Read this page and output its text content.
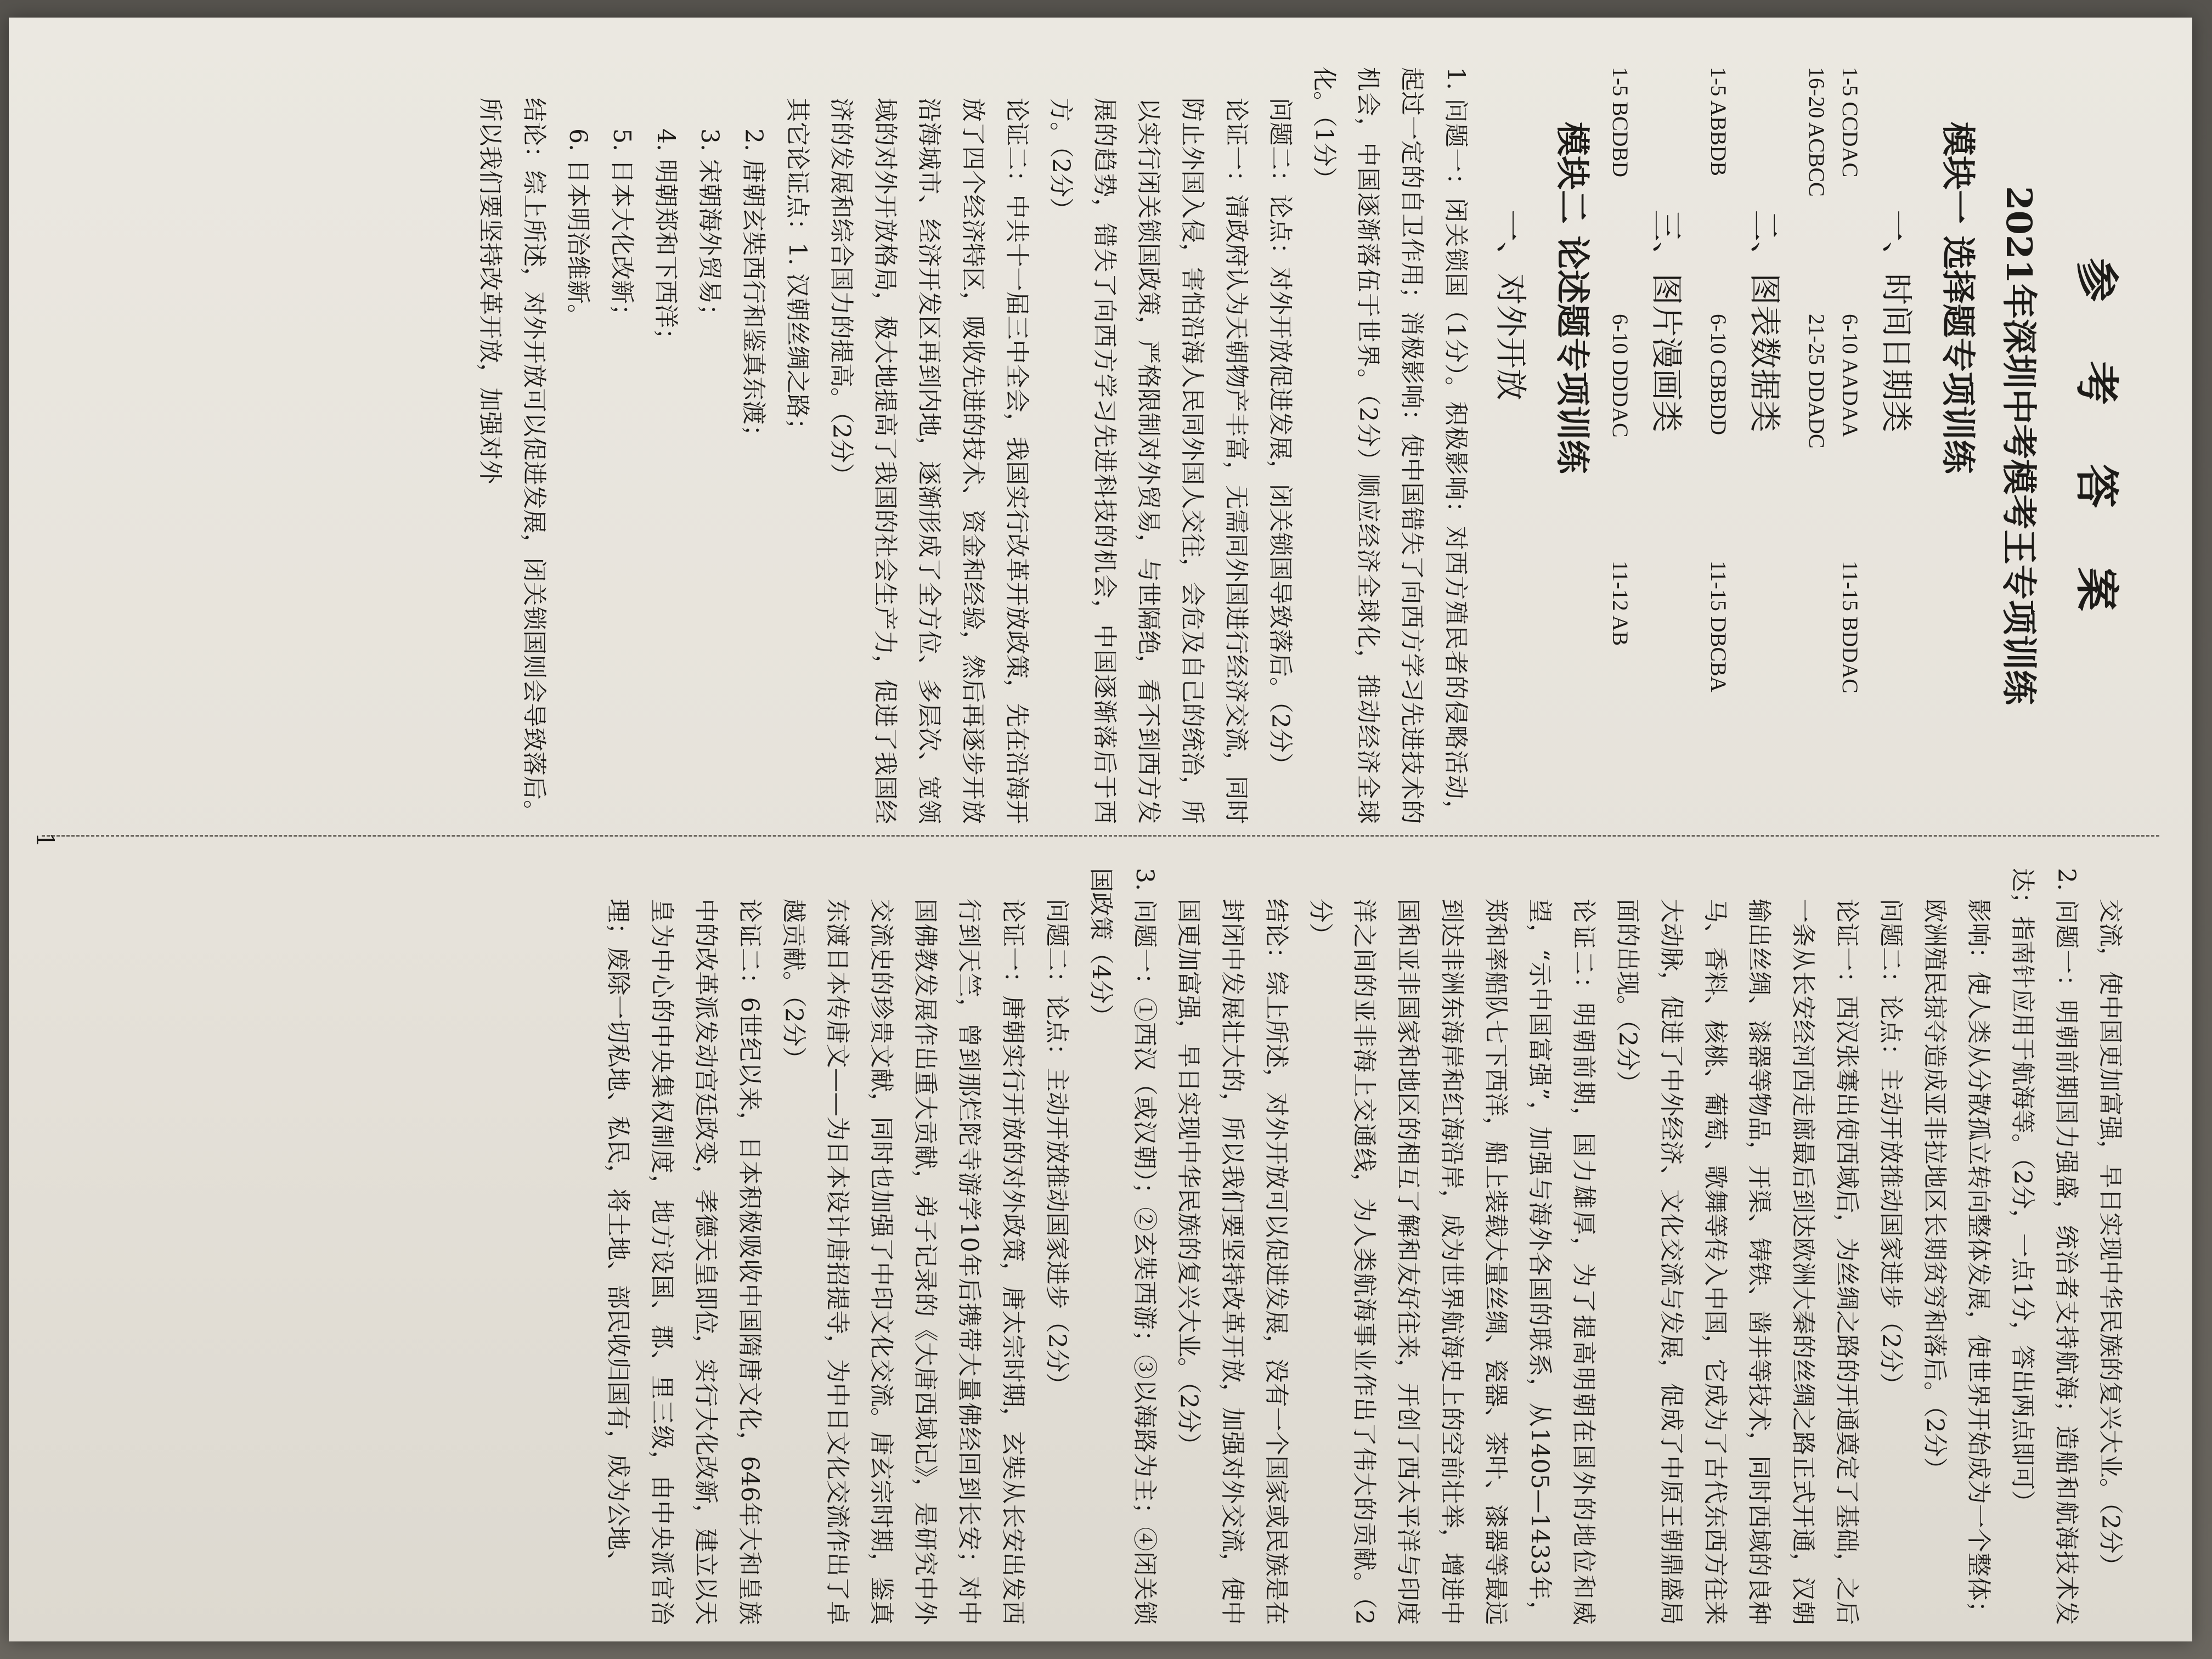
参 考 答 案
2021年深圳中考模考王专项训练
模块一 选择题专项训练
一、时间日期类
1-5 CCDAC6-10 AADAA11-15 BDDAC
16-20 ACBCC21-25 DDADC
二、图表数据类
1-5 ABBDB6-10 CBBDD11-15 DBCBA
三、图片漫画类
1-5 BCDBD6-10 DDDAC11-12 AB
模块二 论述题专项训练
一、对外开放

1. 问题一：闭关锁国（1分）。积极影响：对西方殖民者的侵略活动，起过一定的自卫作用；消极影响：使中国错失了向西方学习先进技术的机会，中国逐渐落伍于世界。（2分）顺应经济全球化，推动经济全球化。（1分）

问题二：论点：对外开放促进发展，闭关锁国导致落后。（2分）

论证一：清政府认为天朝物产丰富，无需同外国进行经济交流，同时防止外国入侵，害怕沿海人民同外国人交往，会危及自己的统治，所以实行闭关锁国政策，严格限制对外贸易，与世隔绝，看不到西方发展的趋势，错失了向西方学习先进科技的机会，中国逐渐落后于西方。（2分）

论证二：中共十一届三中全会，我国实行改革开放政策，先在沿海开放了四个经济特区，吸收先进的技术、资金和经验，然后再逐步开放沿海城市、经济开发区再到内地，逐渐形成了全方位、多层次、宽领域的对外开放格局，极大地提高了我国的社会生产力，促进了我国经济的发展和综合国力的提高。（2分）

其它论证点：1. 汉朝丝绸之路；

2. 唐朝玄奘西行和鉴真东渡；

3. 宋朝海外贸易；

4. 明朝郑和下西洋；

5. 日本大化改新；

6. 日本明治维新。

结论：综上所述，对外开放可以促进发展，闭关锁国则会导致落后。所以我们要坚持改革开放，加强对外

交流，使中国更加富强，早日实现中华民族的复兴大业。（2分）

2. 问题一：明朝前期国力强盛，统治者支持航海；造船和航海技术发达；指南针应用于航海等。（2分，一点1分，答出两点即可）

影响：使人类从分散孤立转向整体发展，使世界开始成为一个整体；欧洲殖民掠夺造成亚非拉地区长期贫穷和落后。（2分）

问题二：论点：主动开放推动国家进步（2分）

论证一：西汉张骞出使西域后，为丝绸之路的开通奠定了基础，之后一条从长安经河西走廊最后到达欧洲大秦的丝绸之路正式开通，汉朝输出丝绸、漆器等物品，开渠、铸铁、凿井等技术，同时西域的良种马、香料、核桃、葡萄、歌舞等传入中国，它成为了古代东西方往来大动脉，促进了中外经济、文化交流与发展，促成了中原王朝鼎盛局面的出现。（2分）

论证二：明朝前期，国力雄厚，为了提高明朝在国外的地位和威望，“示中国富强”，加强与海外各国的联系，从1405—1433年，郑和率船队七下西洋，船上装载大量丝绸、瓷器、茶叶、漆器等最远到达非洲东海岸和红海沿岸，成为世界航海史上的空前壮举，增进中国和亚非国家和地区的相互了解和友好往来，开创了西太平洋与印度洋之间的亚非海上交通线，为人类航海事业作出了伟大的贡献。（2分）

结论：综上所述，对外开放可以促进发展，没有一个国家或民族是在封闭中发展壮大的，所以我们要坚持改革开放，加强对外交流，使中国更加富强，早日实现中华民族的复兴大业。（2分）

3. 问题一：①西汉（或汉朝）；②玄奘西游；③以海路为主；④闭关锁国政策（4分）

问题二：论点：主动开放推动国家进步（2分）

论证一：唐朝实行开放的对外政策，唐太宗时期，玄奘从长安出发西行到天竺，曾到那烂陀寺游学10年后携带大量佛经回到长安；对中国佛教发展作出重大贡献，弟子记录的《大唐西域记》，是研究中外交流史的珍贵文献，同时也加强了中印文化交流。唐玄宗时期，鉴真东渡日本传唐文——为日本设计唐招提寺，为中日文化交流作出了卓越贡献。（2分）

论证二：6世纪以来，日本积极吸收中国隋唐文化，646年大和皇族中的改革派发动宫廷政变，孝德天皇即位，实行大化改新，建立以天皇为中心的中央集权制度，地方设国、郡、里三级，由中央派官治理；废除一切私地、私民，将土地、部民收归国有，成为公地、

1
